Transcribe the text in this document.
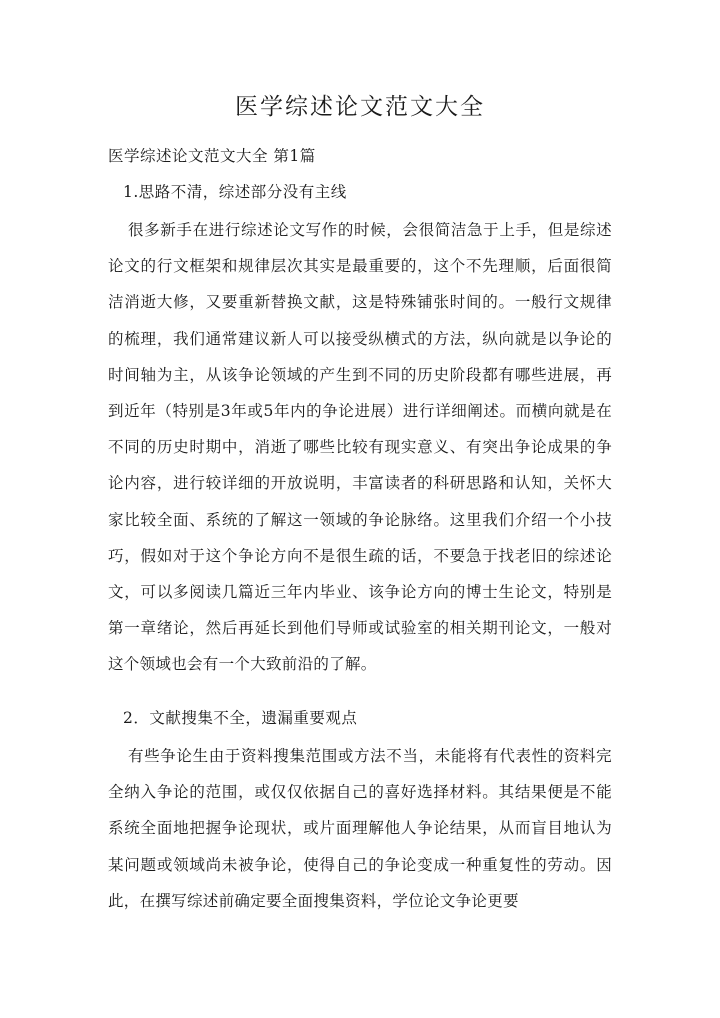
医学综述论文范文大全

医学综述论文范文大全 第1篇

1.思路不清，综述部分没有主线

很多新手在进行综述论文写作的时候，会很简洁急于上手，但是综述论文的行文框架和规律层次其实是最重要的，这个不先理顺，后面很简洁消逝大修，又要重新替换文献，这是特殊铺张时间的。一般行文规律的梳理，我们通常建议新人可以接受纵横式的方法，纵向就是以争论的时间轴为主，从该争论领域的产生到不同的历史阶段都有哪些进展，再到近年（特别是3年或5年内的争论进展）进行详细阐述。而横向就是在不同的历史时期中，消逝了哪些比较有现实意义、有突出争论成果的争论内容，进行较详细的开放说明，丰富读者的科研思路和认知，关怀大家比较全面、系统的了解这一领域的争论脉络。这里我们介绍一个小技巧，假如对于这个争论方向不是很生疏的话，不要急于找老旧的综述论文，可以多阅读几篇近三年内毕业、该争论方向的博士生论文，特别是第一章绪论，然后再延长到他们导师或试验室的相关期刊论文，一般对这个领域也会有一个大致前沿的了解。

2．文献搜集不全，遗漏重要观点

有些争论生由于资料搜集范围或方法不当，未能将有代表性的资料完全纳入争论的范围，或仅仅依据自己的喜好选择材料。其结果便是不能系统全面地把握争论现状，或片面理解他人争论结果，从而盲目地认为某问题或领域尚未被争论，使得自己的争论变成一种重复性的劳动。因此，在撰写综述前确定要全面搜集资料，学位论文争论更要
